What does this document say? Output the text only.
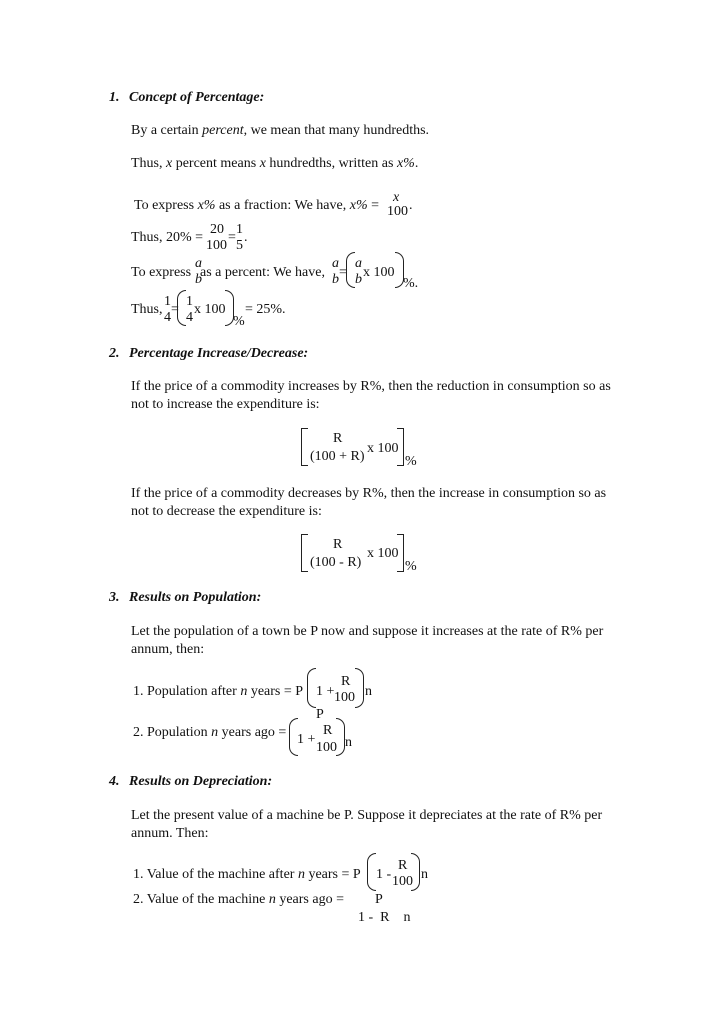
1. Concept of Percentage:
By a certain percent, we mean that many hundredths.
Thus, x percent means x hundredths, written as x%.
To express x% as a fraction: We have, x% =
x
100 .
Thus, 20% =
20
100
=
1
5
.
To express
a
b
as a percent: We have,
a
b =
a
b x 100
%.
Thus,
1
4
=
1
4
x 100
%
= 25%.
2. Percentage Increase/Decrease:
If the price of a commodity increases by R%, then the reduction in consumption so as
not to increase the expenditure is:
R
(100 + R)
x 100
%
If the price of a commodity decreases by R%, then the increase in consumption so as
not to decrease the expenditure is:
R
(100 - R)
x 100
%
3. Results on Population:
Let the population of a town be P now and suppose it increases at the rate of R% per
annum, then:
1. Population after n years = P 1 +
R
100 n
P
2. Population n years ago = 1 +
R
100 n
4. Results on Depreciation:
Let the present value of a machine be P. Suppose it depreciates at the rate of R% per
annum. Then:
1. Value of the machine after n years = P 1 -
R
100 n
2. Value of the machine n years ago = P
1 -  R    n
